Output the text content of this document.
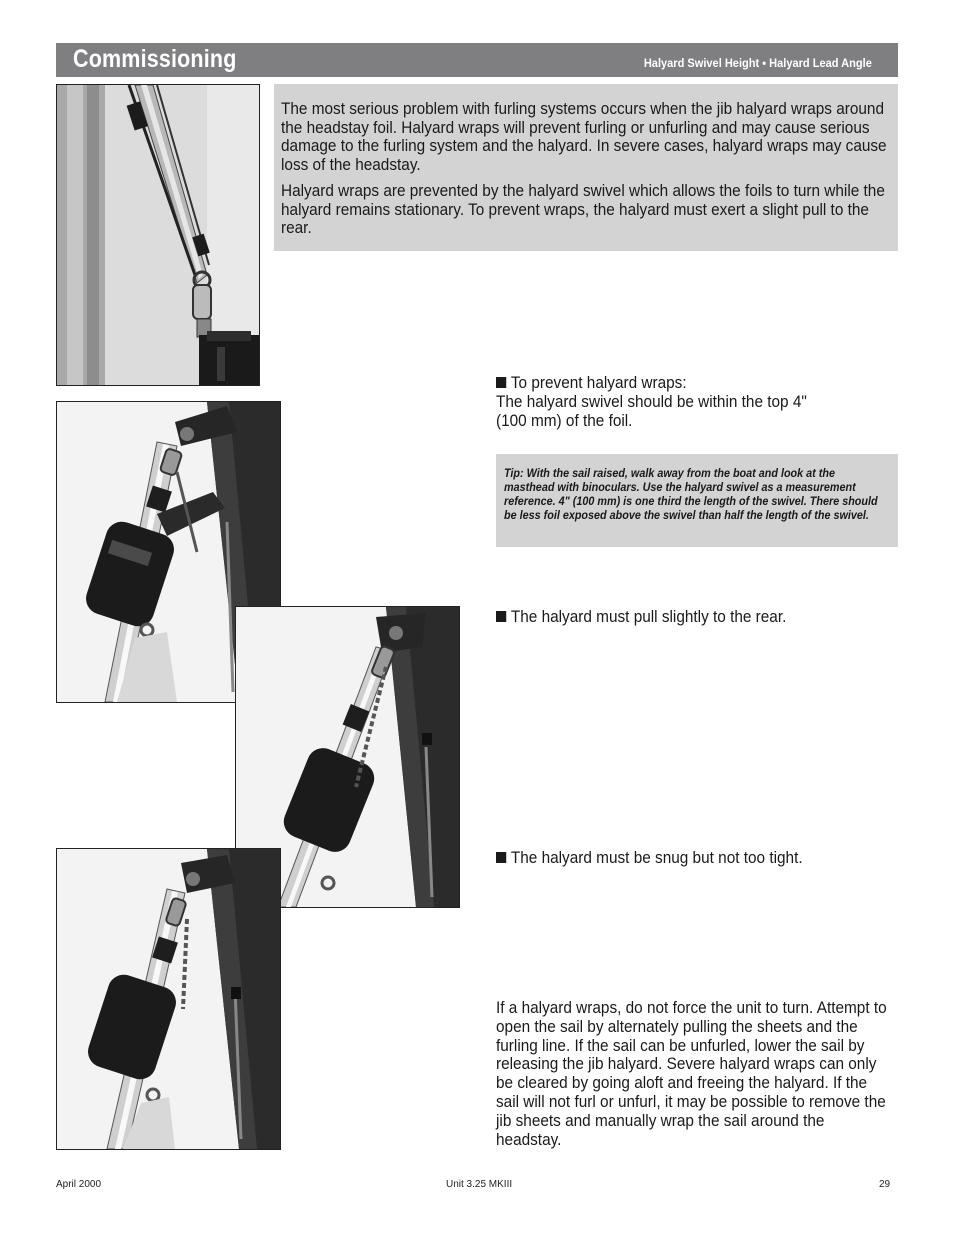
Commissioning	Halyard Swivel Height • Halyard Lead Angle

The most serious problem with furling systems occurs when the jib halyard wraps around the headstay foil. Halyard wraps will prevent furling or unfurling and may cause serious damage to the furling system and the halyard. In severe cases, halyard wraps may cause loss of the headstay.

Halyard wraps are prevented by the halyard swivel which allows the foils to turn while the halyard remains stationary. To prevent wraps, the halyard must exert a slight pull to the rear.

To prevent halyard wraps:
The halyard swivel should be within the top 4" (100 mm) of the foil.

Tip: With the sail raised, walk away from the boat and look at the masthead with binoculars. Use the halyard swivel as a measurement reference. 4" (100 mm) is one third the length of the swivel. There should be less foil exposed above the swivel than half the length of the swivel.

The halyard must pull slightly to the rear.
The halyard must be snug but not too tight.

If a halyard wraps, do not force the unit to turn. Attempt to open the sail by alternately pulling the sheets and the furling line. If the sail can be unfurled, lower the sail by releasing the jib halyard. Severe halyard wraps can only be cleared by going aloft and freeing the halyard. If the sail will not furl or unfurl, it may be possible to remove the jib sheets and manually wrap the sail around the headstay.

April 2000	Unit 3.25 MKIII	29
